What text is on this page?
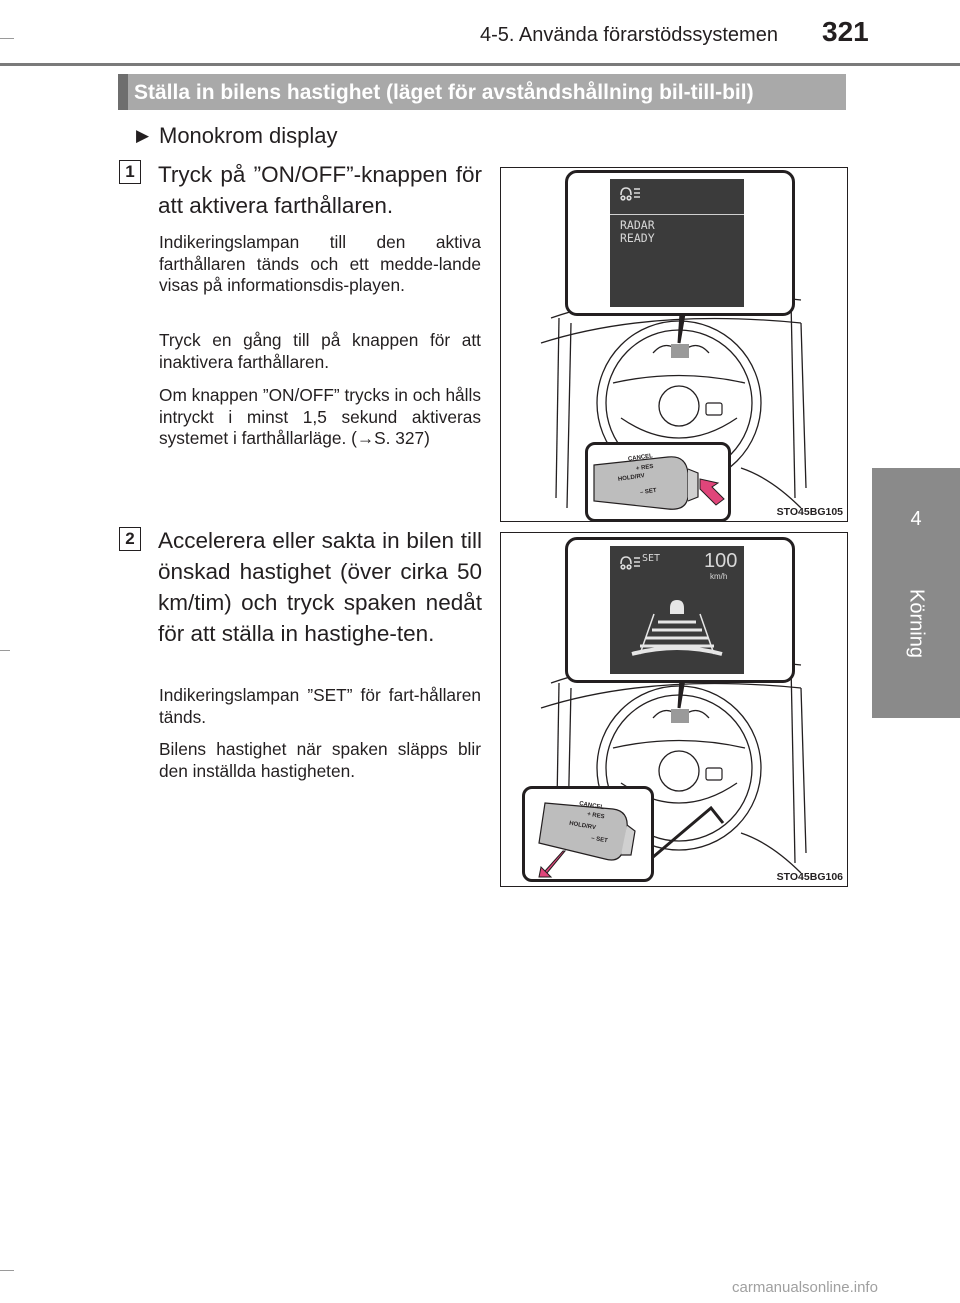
4-5. Använda förarstödssystemen 321
4
Körning
Ställa in bilens hastighet (läget för avståndshållning bil-till-bil)
▶ Monokrom display
1 Tryck på ”ON/OFF”-knappen för att aktivera farthållaren.
Indikeringslampan till den aktiva farthållaren tänds och ett medde-lande visas på informationsdis-playen.
Tryck en gång till på knappen för att inaktivera farthållaren.
Om knappen ”ON/OFF” trycks in och hålls intryckt i minst 1,5 sekund aktiveras systemet i farthållarläge. (→S. 327)
RADAR
READY
CANCEL
+ RES
HOLD/RV
– SET
STO45BG105
2 Accelerera eller sakta in bilen till önskad hastighet (över cirka 50 km/tim) och tryck spaken nedåt för att ställa in hastighe-ten.
Indikeringslampan ”SET” för fart-hållaren tänds.
Bilens hastighet när spaken släpps blir den inställda hastigheten.
SET 100
km/h
CANCEL
+ RES
HOLD/RV
– SET
STO45BG106
carmanualsonline.info
